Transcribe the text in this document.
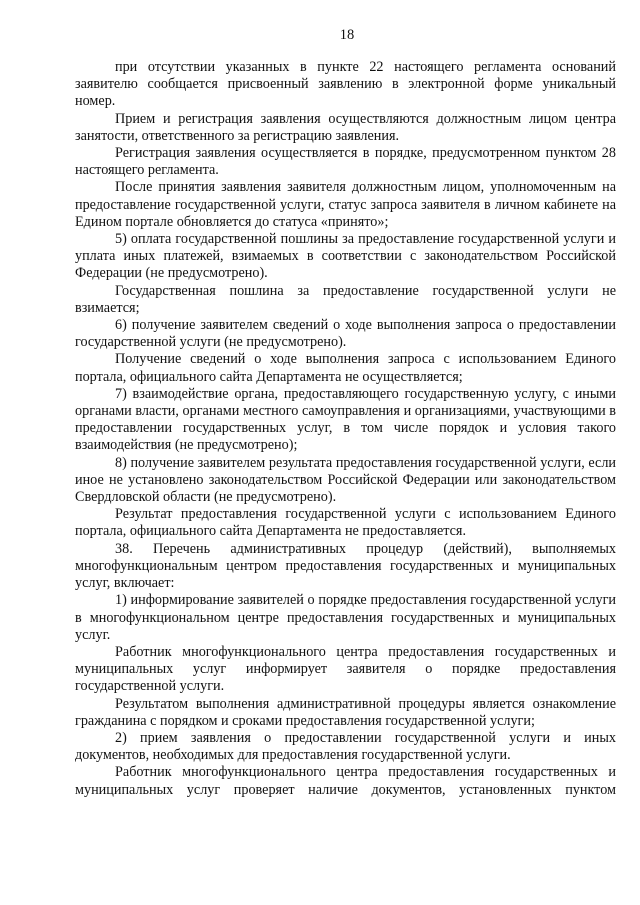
18

при отсутствии указанных в пункте 22 настоящего регламента оснований заявителю сообщается присвоенный заявлению в электронной форме уникальный номер.

Прием и регистрация заявления осуществляются должностным лицом центра занятости, ответственного за регистрацию заявления.

Регистрация заявления осуществляется в порядке, предусмотренном пунктом 28 настоящего регламента.

После принятия заявления заявителя должностным лицом, уполномоченным на предоставление государственной услуги, статус запроса заявителя в личном кабинете на Едином портале обновляется до статуса «принято»;

5) оплата государственной пошлины за предоставление государственной услуги и уплата иных платежей, взимаемых в соответствии с законодательством Российской Федерации (не предусмотрено).

Государственная пошлина за предоставление государственной услуги не взимается;

6) получение заявителем сведений о ходе выполнения запроса о предоставлении государственной услуги (не предусмотрено).

Получение сведений о ходе выполнения запроса с использованием Единого портала, официального сайта Департамента не осуществляется;

7) взаимодействие органа, предоставляющего государственную услугу, с иными органами власти, органами местного самоуправления и организациями, участвующими в предоставлении государственных услуг, в том числе порядок и условия такого взаимодействия (не предусмотрено);

8) получение заявителем результата предоставления государственной услуги, если иное не установлено законодательством Российской Федерации или законодательством Свердловской области (не предусмотрено).

Результат предоставления государственной услуги с использованием Единого портала, официального сайта Департамента не предоставляется.

38. Перечень административных процедур (действий), выполняемых многофункциональным центром предоставления государственных и муниципальных услуг, включает:

1) информирование заявителей о порядке предоставления государственной услуги в многофункциональном центре предоставления государственных и муниципальных услуг.

Работник многофункционального центра предоставления государственных и муниципальных услуг информирует заявителя о порядке предоставления государственной услуги.

Результатом выполнения административной процедуры является ознакомление гражданина с порядком и сроками предоставления государственной услуги;

2) прием заявления о предоставлении государственной услуги и иных документов, необходимых для предоставления государственной услуги.

Работник многофункционального центра предоставления государственных и муниципальных услуг проверяет наличие документов, установленных пунктом
